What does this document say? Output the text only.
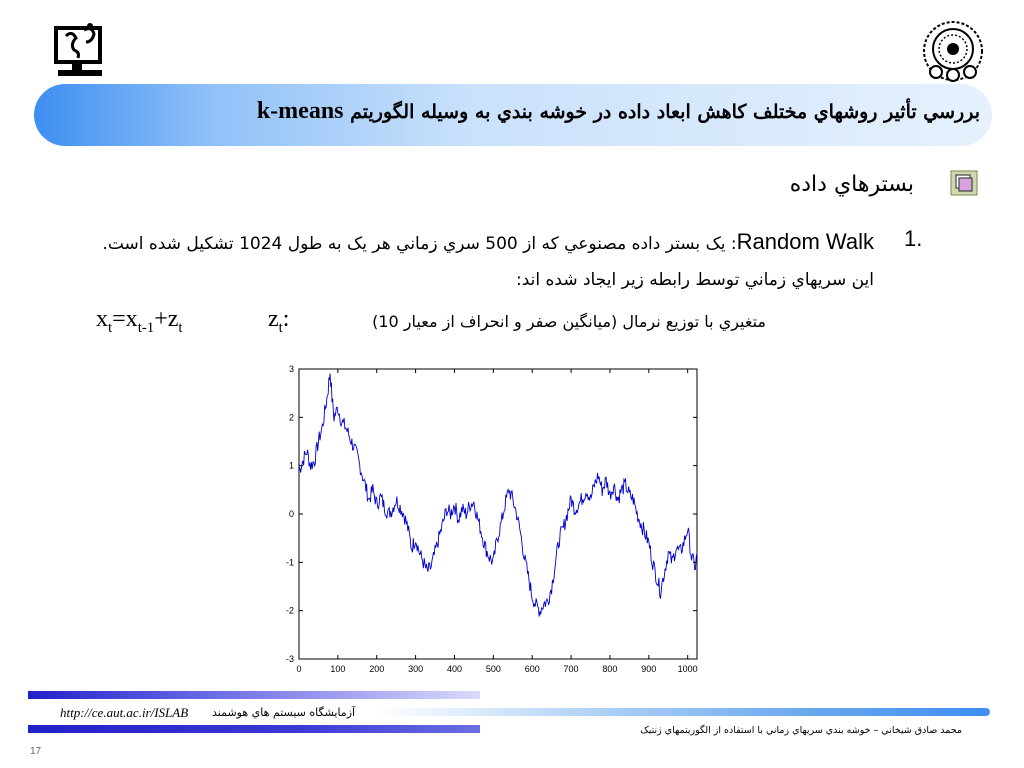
بررسي تأثير روشهاي مختلف كاهش ابعاد داده در خوشه بندي به وسيله الگوريتم k-means
بسترهاي داده
1.
Random Walk: يک بستر داده مصنوعي که از 500 سري زماني هر يک به طول 1024 تشکيل شده است. اين سريهاي زماني توسط رابطه زير ايجاد شده اند:
$x_t=x_{t-1}+z_t$	$z_t$:	متغيري با توزيع نرمال (ميانگين صفر و انحراف از معيار 10)
0	100	200	300	400	500	600	700	800	900 1000
-3
-2
-1
0
1
2
3
http://ce.aut.ac.ir/ISLAB آزمايشگاه سيستم هاي هوشمند
محمد صادق شيخاني – خوشه بندي سريهاي زماني با استفاده از الگوريتمهاي ژنتيک
17
